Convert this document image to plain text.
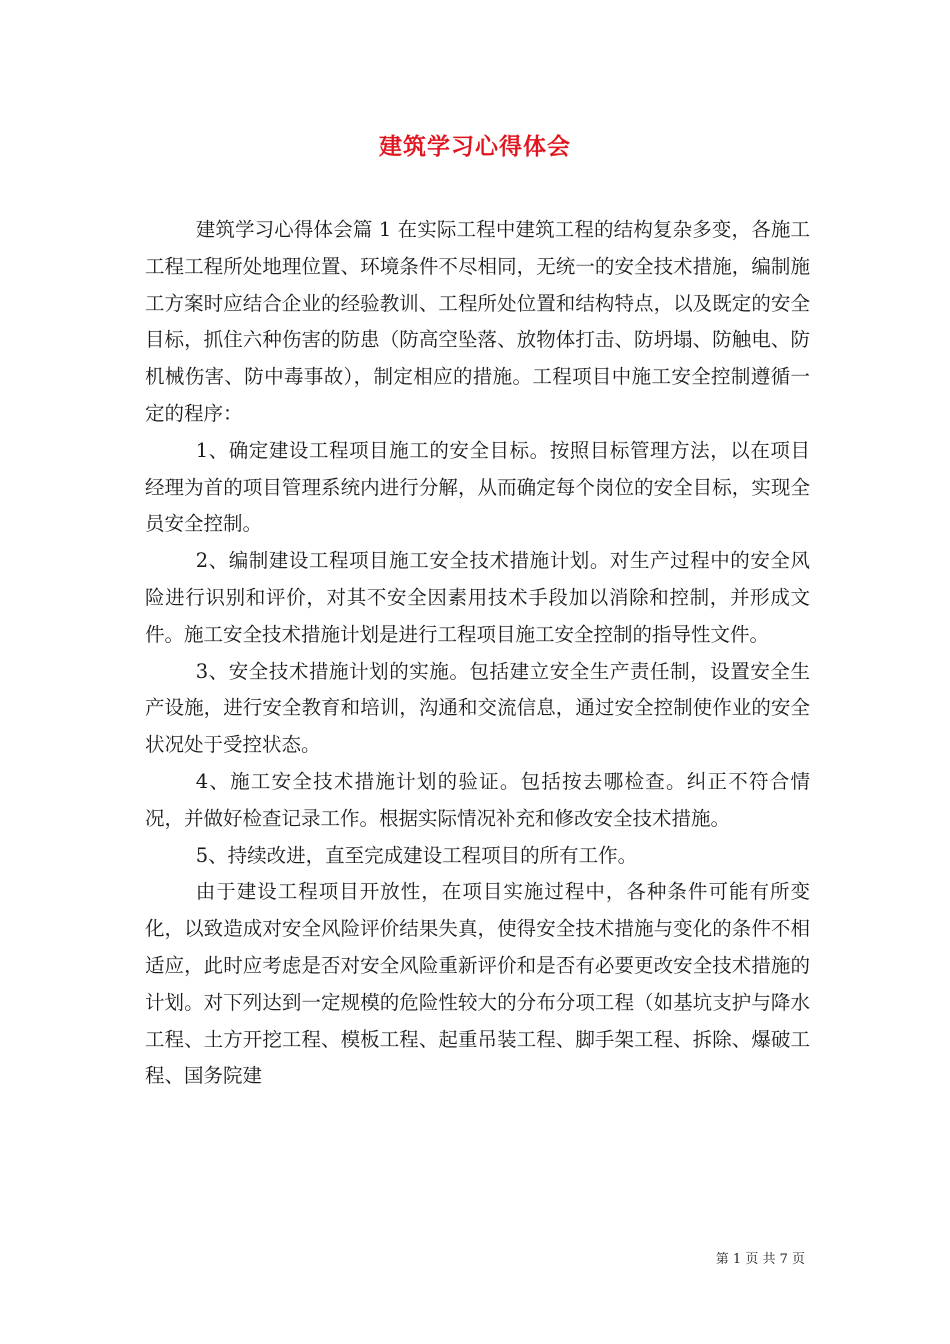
建筑学习心得体会

建筑学习心得体会篇 1 在实际工程中建筑工程的结构复杂多变，各施工工程工程所处地理位置、环境条件不尽相同，无统一的安全技术措施，编制施工方案时应结合企业的经验教训、工程所处位置和结构特点，以及既定的安全目标，抓住六种伤害的防患（防高空坠落、放物体打击、防坍塌、防触电、防机械伤害、防中毒事故），制定相应的措施。工程项目中施工安全控制遵循一定的程序：

1、确定建设工程项目施工的安全目标。按照目标管理方法，以在项目经理为首的项目管理系统内进行分解，从而确定每个岗位的安全目标，实现全员安全控制。

2、编制建设工程项目施工安全技术措施计划。对生产过程中的安全风险进行识别和评价，对其不安全因素用技术手段加以消除和控制，并形成文件。施工安全技术措施计划是进行工程项目施工安全控制的指导性文件。

3、安全技术措施计划的实施。包括建立安全生产责任制，设置安全生产设施，进行安全教育和培训，沟通和交流信息，通过安全控制使作业的安全状况处于受控状态。

4、施工安全技术措施计划的验证。包括按去哪检查。纠正不符合情况，并做好检查记录工作。根据实际情况补充和修改安全技术措施。

5、持续改进，直至完成建设工程项目的所有工作。

由于建设工程项目开放性，在项目实施过程中，各种条件可能有所变化，以致造成对安全风险评价结果失真，使得安全技术措施与变化的条件不相适应，此时应考虑是否对安全风险重新评价和是否有必要更改安全技术措施的计划。对下列达到一定规模的危险性较大的分布分项工程（如基坑支护与降水工程、土方开挖工程、模板工程、起重吊装工程、脚手架工程、拆除、爆破工程、国务院建

第 1 页 共 7 页
